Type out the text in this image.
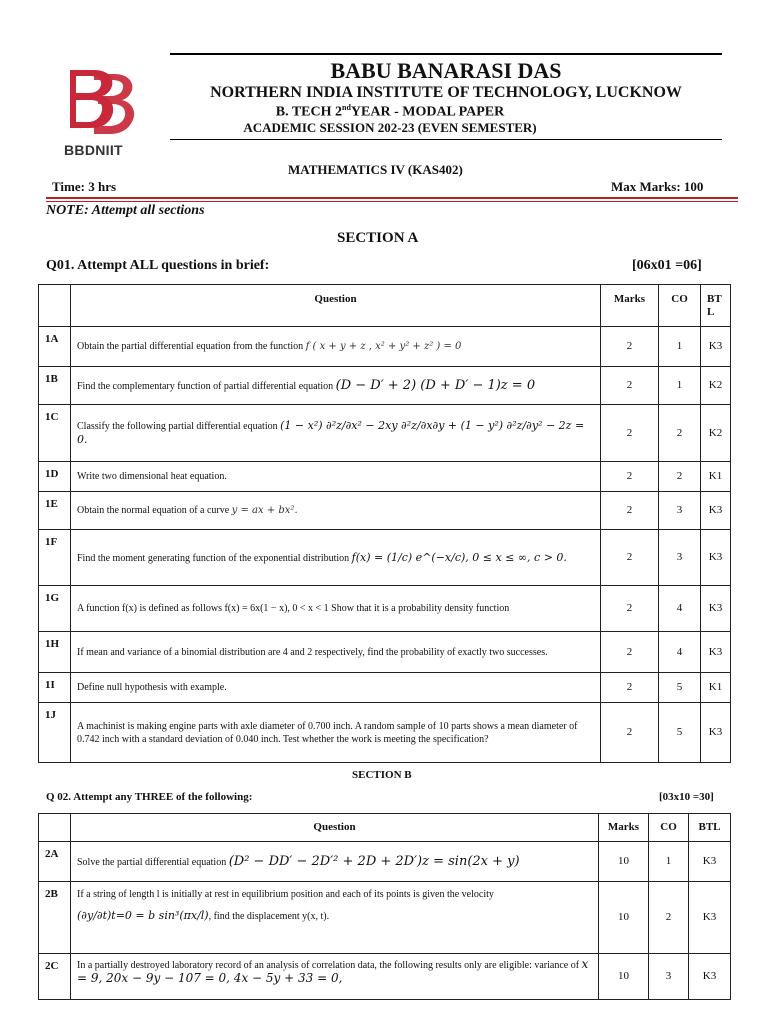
BBDNIIT
BABU BANARASI DAS
NORTHERN INDIA INSTITUTE OF TECHNOLOGY, LUCKNOW
B. TECH 2ndYEAR - MODAL PAPER
ACADEMIC SESSION 202-23 (EVEN SEMESTER)
MATHEMATICS IV (KAS402)
Time: 3 hrs	Max Marks: 100
NOTE: Attempt all sections
SECTION A
Q01. Attempt ALL questions in brief:	[06x01 =06]
	Question	Marks	CO	BT L
1A	Obtain the partial differential equation from the function f ( x + y + z , x² + y² + z² ) = 0	2	1	K3
1B	Find the complementary function of partial differential equation (D − D′ + 2) (D + D′ − 1)z = 0	2	1	K2
1C	Classify the following partial differential equation (1 − x²) ∂²z/∂x² − 2xy ∂²z/∂x∂y + (1 − y²) ∂²z/∂y² − 2z = 0.	2	2	K2
1D	Write two dimensional heat equation.	2	2	K1
1E	Obtain the normal equation of a curve y = ax + bx².	2	3	K3
1F	Find the moment generating function of the exponential distribution f(x) = (1/c) e^(−x/c), 0 ≤ x ≤ ∞, c > 0.	2	3	K3
1G	A function f(x) is defined as follows f(x) = 6x(1 − x), 0 < x < 1 Show that it is a probability density function	2	4	K3
1H	If mean and variance of a binomial distribution are 4 and 2 respectively, find the probability of exactly two successes.	2	4	K3
1I	Define null hypothesis with example.	2	5	K1
1J	A machinist is making engine parts with axle diameter of 0.700 inch. A random sample of 10 parts shows a mean diameter of 0.742 inch with a standard deviation of 0.040 inch. Test whether the work is meeting the specification?	2	5	K3
SECTION B
Q 02. Attempt any THREE of the following:	[03x10 =30]
	Question	Marks	CO	BTL
2A	Solve the partial differential equation (D² − DD′ − 2D′² + 2D + 2D′)z = sin(2x + y)	10	1	K3
2B	If a string of length l is initially at rest in equilibrium position and each of its points is given the velocity
(∂y/∂t)t=0 = b sin³(πx/l), find the displacement y(x, t).	10	2	K3
2C	In a partially destroyed laboratory record of an analysis of correlation data, the following results only are eligible: variance of x = 9, 20x − 9y − 107 = 0, 4x − 5y + 33 = 0,	10	3	K3
